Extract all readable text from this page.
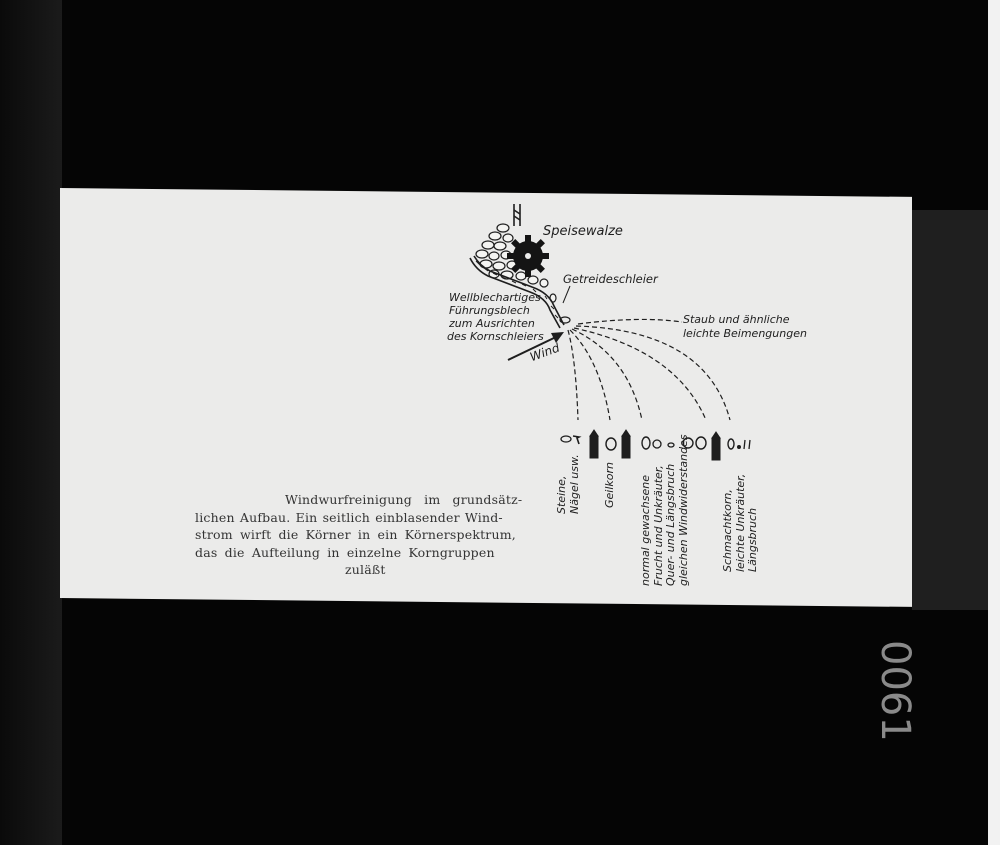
0061
Speisewalze
Getreideschleier
Wellblechartiges
Führungsblech
zum Ausrichten
des Kornschleiers
Wind
Staub und ähnliche
leichte Beimengungen
Steine, Nägel usw. Geilkorn normal gewachsene Frucht und Unkräuter, Quer- und Längsbruch gleichen Windwiderstandes	Schmachtkorn, leichte Unkräuter, Längsbruch
Windwurfreinigung im grundsätz-
lichen Aufbau. Ein seitlich einblasender Wind-
strom wirft die Körner in ein Körnerspektrum,
das die Aufteilung in einzelne Korngruppen
zuläßt
